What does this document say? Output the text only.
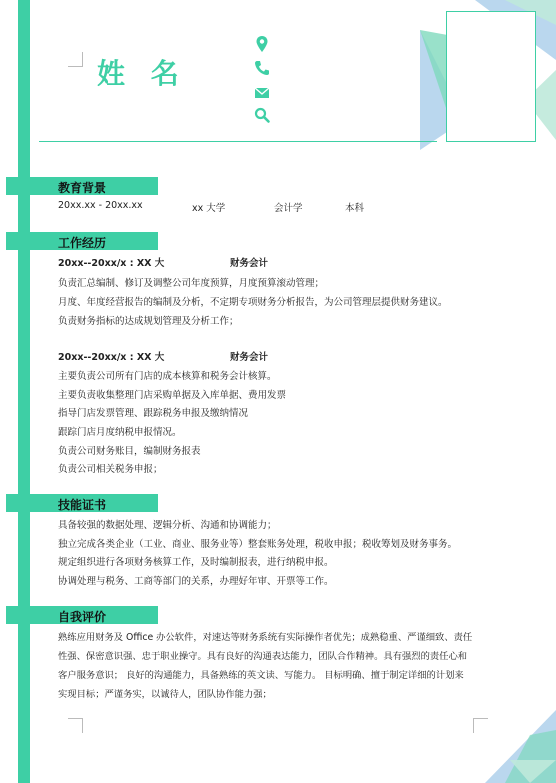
姓 名
教育背景
20xx.xx - 20xx.xx	xx 大学	会计学	本科
工作经历
20xx--20xx/x : XX 大	财务会计
负责汇总编制、修订及调整公司年度预算，月度预算滚动管理；
月度、年度经营报告的编制及分析，不定期专项财务分析报告，为公司管理层提供财务建议。
负责财务指标的达成规划管理及分析工作；
20xx--20xx/x : XX 大	财务会计
主要负责公司所有门店的成本核算和税务会计核算。
主要负责收集整理门店采购单据及入库单据、费用发票
指导门店发票管理、跟踪税务申报及缴纳情况
跟踪门店月度纳税申报情况。
负责公司财务账目，编制财务报表
负责公司相关税务申报；
技能证书
具备较强的数据处理、逻辑分析、沟通和协调能力；
独立完成各类企业（工业、商业、服务业等）整套账务处理，税收申报；税收筹划及财务事务。
规定组织进行各项财务核算工作，及时编制报表，进行纳税申报。
协调处理与税务、工商等部门的关系，办理好年审、开票等工作。
自我评价
熟练应用财务及 Office 办公软件，对速达等财务系统有实际操作者优先；成熟稳重、严谨细致、责任
性强、保密意识强、忠于职业操守。具有良好的沟通表达能力，团队合作精神。具有强烈的责任心和
客户服务意识； 良好的沟通能力，具备熟练的英文读、写能力。 目标明确、擅于制定详细的计划来
实现目标；严谨务实，以诚待人，团队协作能力强；
